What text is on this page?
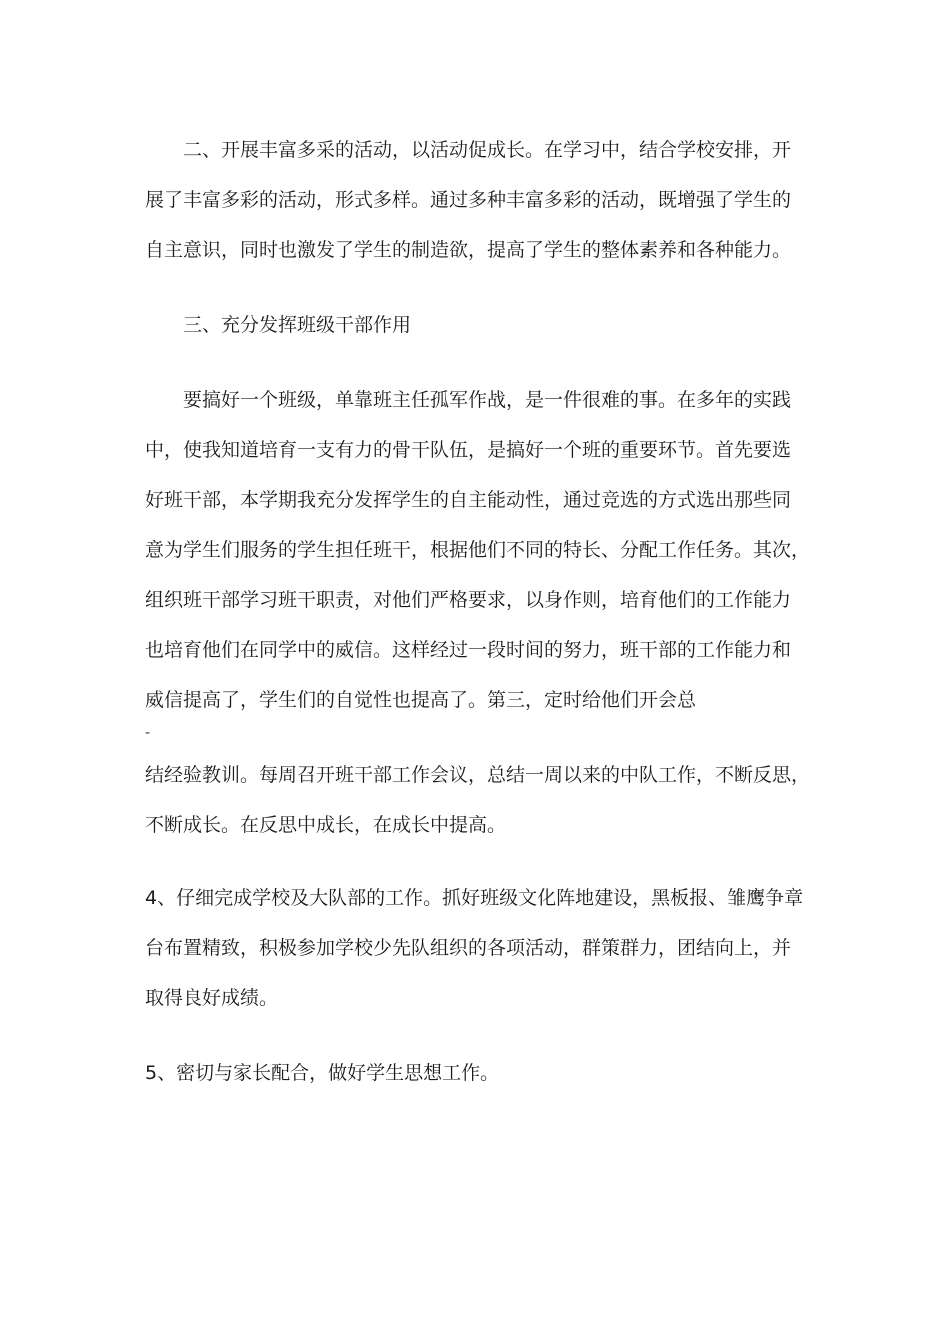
二、开展丰富多采的活动，以活动促成长。在学习中，结合学校安排，开

展了丰富多彩的活动，形式多样。通过多种丰富多彩的活动，既增强了学生的

自主意识，同时也激发了学生的制造欲，提高了学生的整体素养和各种能力。

三、充分发挥班级干部作用

要搞好一个班级，单靠班主任孤军作战，是一件很难的事。在多年的实践

中，使我知道培育一支有力的骨干队伍，是搞好一个班的重要环节。首先要选

好班干部，本学期我充分发挥学生的自主能动性，通过竞选的方式选出那些同

意为学生们服务的学生担任班干，根据他们不同的特长、分配工作任务。其次，

组织班干部学习班干职责，对他们严格要求，以身作则，培育他们的工作能力

也培育他们在同学中的威信。这样经过一段时间的努力，班干部的工作能力和

威信提高了，学生们的自觉性也提高了。第三，定时给他们开会总

-

结经验教训。每周召开班干部工作会议，总结一周以来的中队工作，不断反思，

不断成长。在反思中成长，在成长中提高。

4、仔细完成学校及大队部的工作。抓好班级文化阵地建设，黑板报、雏鹰争章

台布置精致，积极参加学校少先队组织的各项活动，群策群力，团结向上，并

取得良好成绩。

5、密切与家长配合，做好学生思想工作。
